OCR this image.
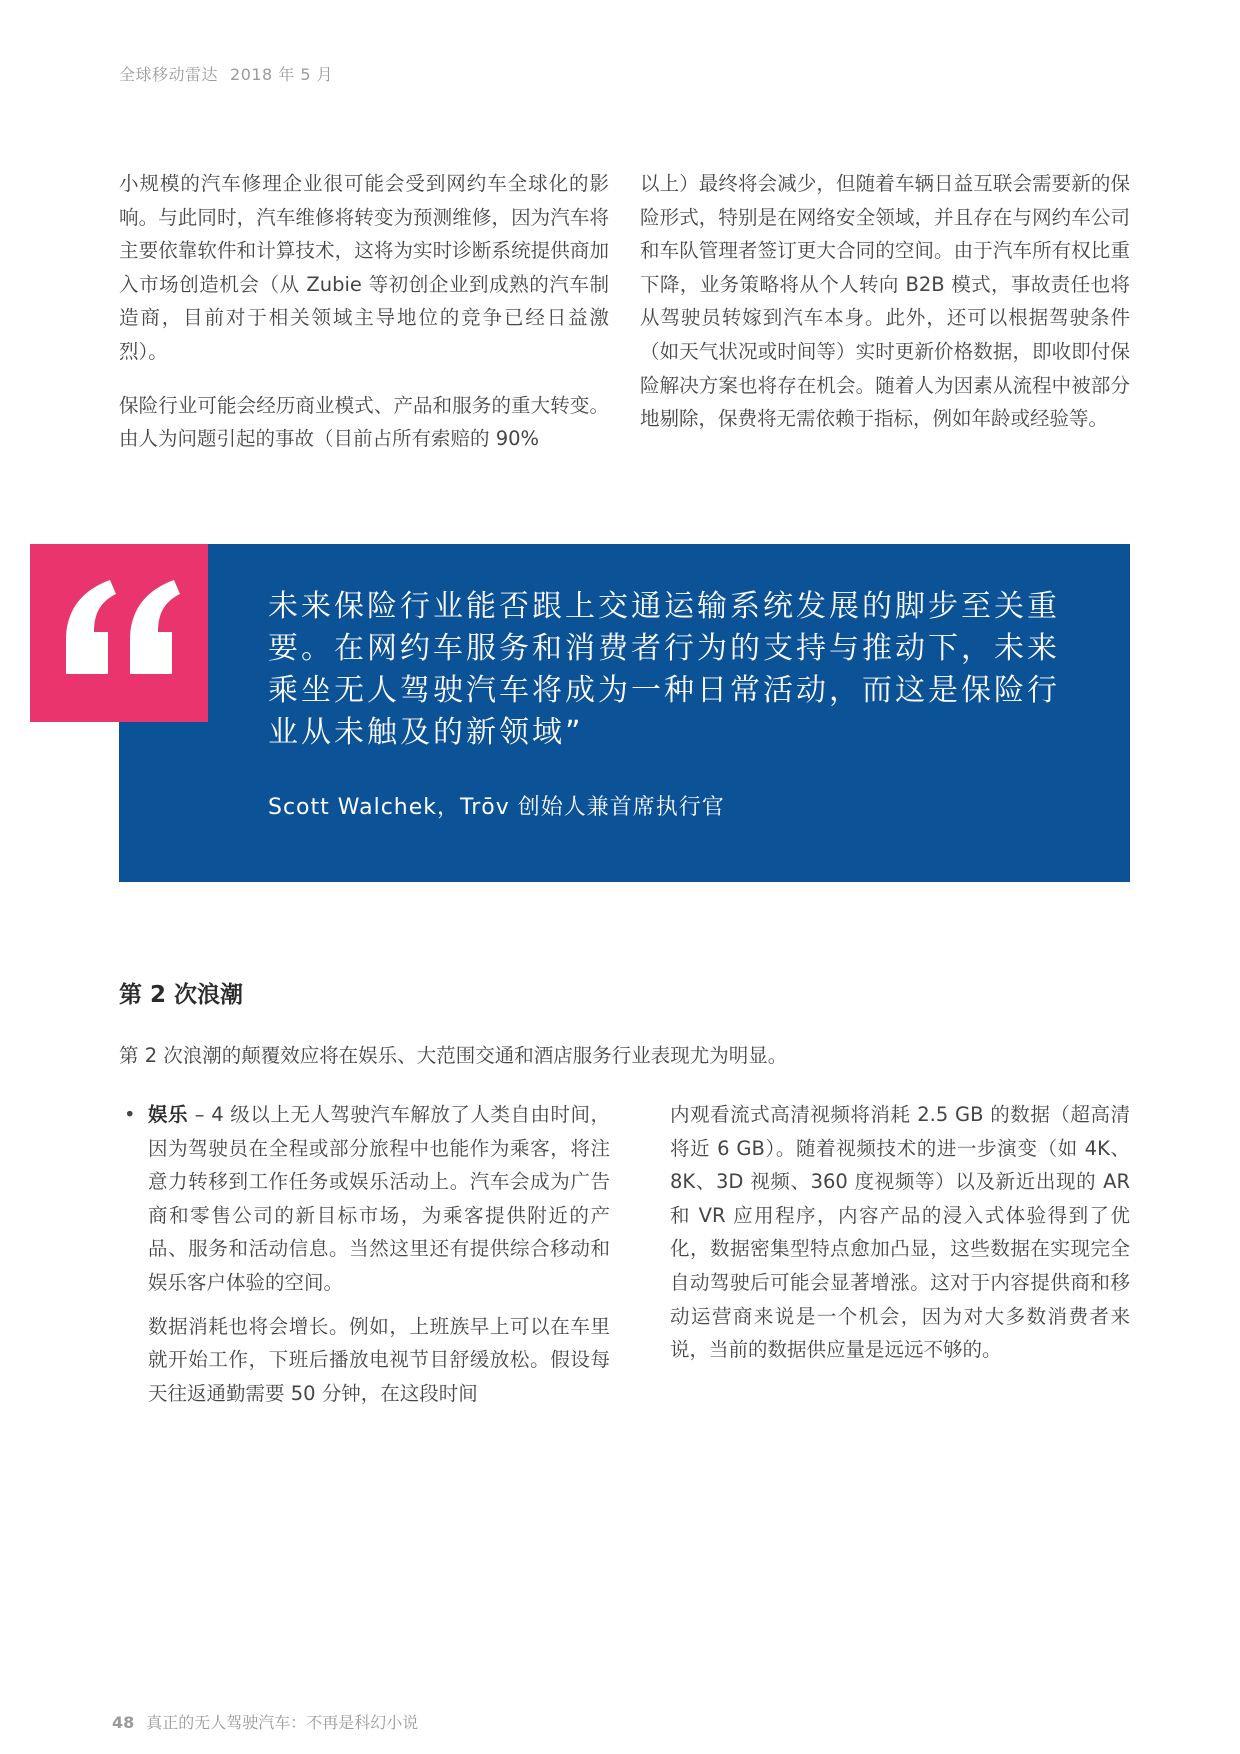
全球移动雷达 2018 年 5 月

小规模的汽车修理企业很可能会受到网约车全球化的影响。与此同时，汽车维修将转变为预测维修，因为汽车将主要依靠软件和计算技术，这将为实时诊断系统提供商加入市场创造机会（从 Zubie 等初创企业到成熟的汽车制造商，目前对于相关领域主导地位的竞争已经日益激烈）。

保险行业可能会经历商业模式、产品和服务的重大转变。由人为问题引起的事故（目前占所有索赔的 90%

以上）最终将会减少，但随着车辆日益互联会需要新的保险形式，特别是在网络安全领域，并且存在与网约车公司和车队管理者签订更大合同的空间。由于汽车所有权比重下降，业务策略将从个人转向 B2B 模式，事故责任也将从驾驶员转嫁到汽车本身。此外，还可以根据驾驶条件（如天气状况或时间等）实时更新价格数据，即收即付保险解决方案也将存在机会。随着人为因素从流程中被部分地剔除，保费将无需依赖于指标，例如年龄或经验等。

未来保险行业能否跟上交通运输系统发展的脚步至关重要。在网约车服务和消费者行为的支持与推动下，未来乘坐无人驾驶汽车将成为一种日常活动，而这是保险行业从未触及的新领域”
Scott Walchek，Trōv 创始人兼首席执行官
第 2 次浪潮
第 2 次浪潮的颠覆效应将在娱乐、大范围交通和酒店服务行业表现尤为明显。
• 娱乐 – 4 级以上无人驾驶汽车解放了人类自由时间，因为驾驶员在全程或部分旅程中也能作为乘客，将注意力转移到工作任务或娱乐活动上。汽车会成为广告商和零售公司的新目标市场，为乘客提供附近的产品、服务和活动信息。当然这里还有提供综合移动和娱乐客户体验的空间。

数据消耗也将会增长。例如，上班族早上可以在车里就开始工作，下班后播放电视节目舒缓放松。假设每天往返通勤需要 50 分钟，在这段时间

内观看流式高清视频将消耗 2.5 GB 的数据（超高清将近 6 GB）。随着视频技术的进一步演变（如 4K、8K、3D 视频、360 度视频等）以及新近出现的 AR 和 VR 应用程序，内容产品的浸入式体验得到了优化，数据密集型特点愈加凸显，这些数据在实现完全自动驾驶后可能会显著增涨。这对于内容提供商和移动运营商来说是一个机会，因为对大多数消费者来说，当前的数据供应量是远远不够的。

48 真正的无人驾驶汽车：不再是科幻小说
